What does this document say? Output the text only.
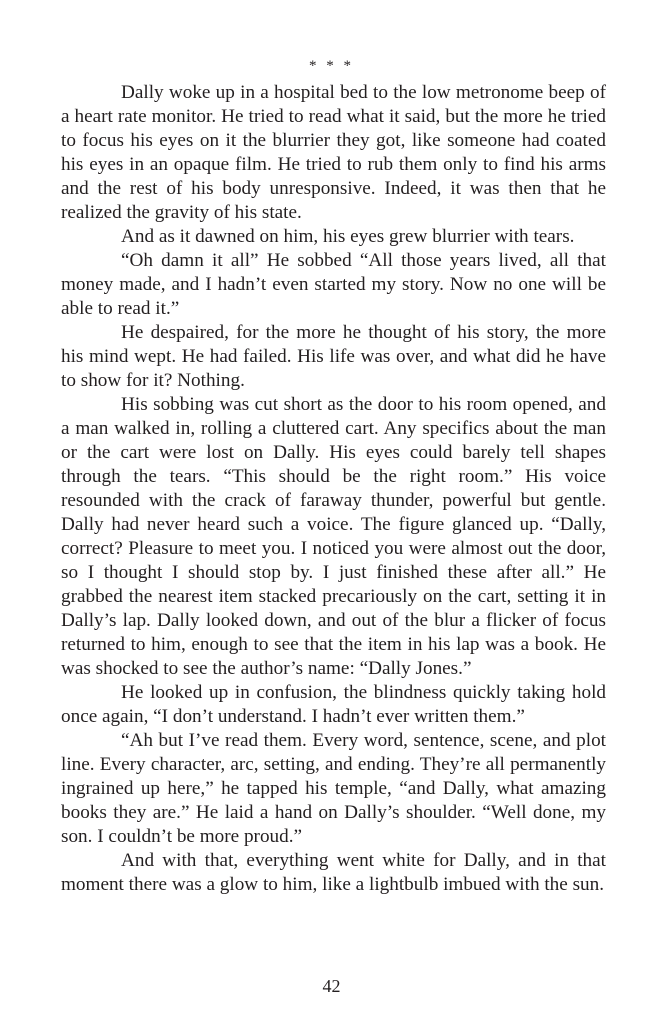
* * *

Dally woke up in a hospital bed to the low metronome beep of a heart rate monitor. He tried to read what it said, but the more he tried to focus his eyes on it the blurrier they got, like someone had coated his eyes in an opaque film. He tried to rub them only to find his arms and the rest of his body unresponsive. Indeed, it was then that he realized the gravity of his state.

And as it dawned on him, his eyes grew blurrier with tears.

“Oh damn it all” He sobbed “All those years lived, all that money made, and I hadn’t even started my story. Now no one will be able to read it.”

He despaired, for the more he thought of his story, the more his mind wept. He had failed. His life was over, and what did he have to show for it? Nothing.

His sobbing was cut short as the door to his room opened, and a man walked in, rolling a cluttered cart. Any specifics about the man or the cart were lost on Dally. His eyes could barely tell shapes through the tears. “This should be the right room.” His voice resounded with the crack of faraway thunder, powerful but gentle. Dally had never heard such a voice. The figure glanced up. “Dally, correct? Pleasure to meet you. I noticed you were almost out the door, so I thought I should stop by. I just finished these after all.” He grabbed the nearest item stacked precariously on the cart, setting it in Dally’s lap. Dally looked down, and out of the blur a flicker of focus returned to him, enough to see that the item in his lap was a book. He was shocked to see the author’s name: “Dally Jones.”

He looked up in confusion, the blindness quickly taking hold once again, “I don’t understand. I hadn’t ever written them.”

“Ah but I’ve read them. Every word, sentence, scene, and plot line. Every character, arc, setting, and ending. They’re all permanently ingrained up here,” he tapped his temple, “and Dally, what amazing books they are.” He laid a hand on Dally’s shoulder. “Well done, my son. I couldn’t be more proud.”

And with that, everything went white for Dally, and in that moment there was a glow to him, like a lightbulb imbued with the sun.

42
